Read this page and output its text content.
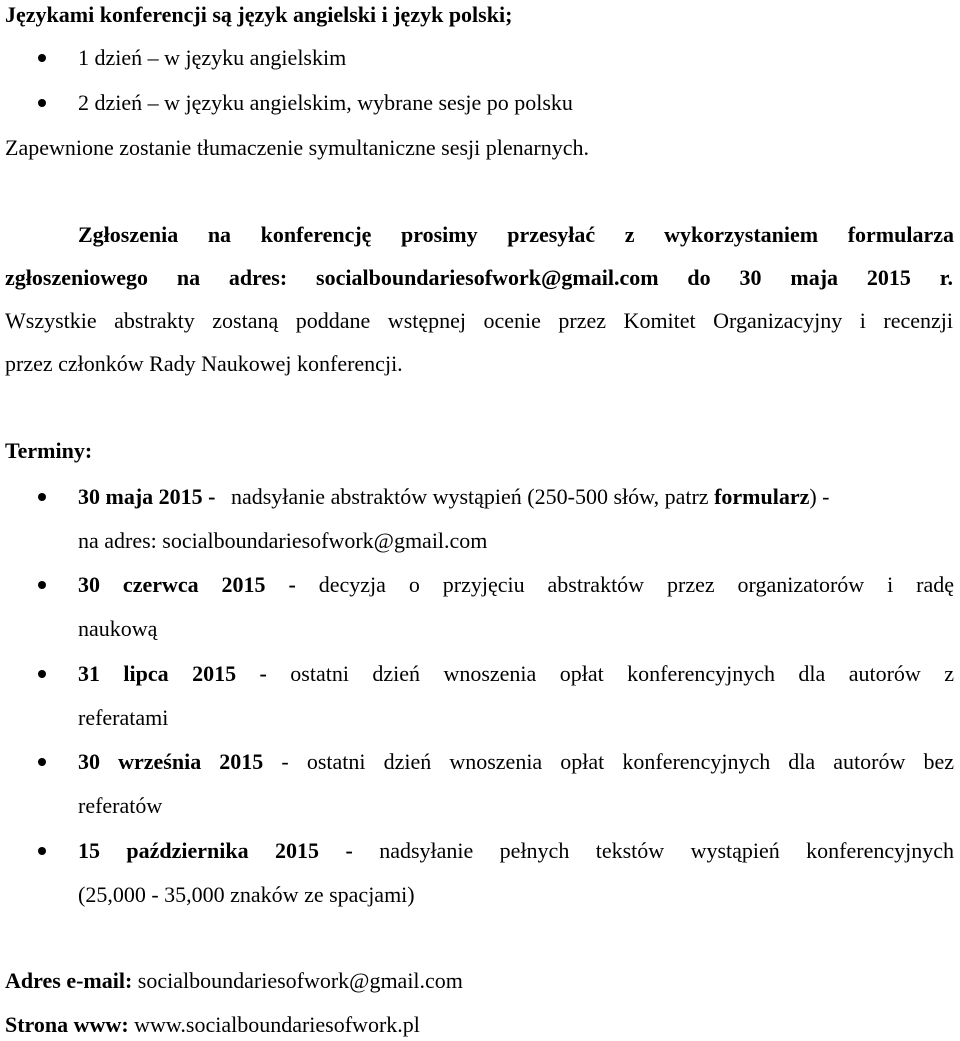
Językami konferencji są język angielski i język polski;
1 dzień – w języku angielskim
2 dzień – w języku angielskim, wybrane sesje po polsku
Zapewnione zostanie tłumaczenie symultaniczne sesji plenarnych.
Zgłoszenia na konferencję prosimy przesyłać z wykorzystaniem formularza
zgłoszeniowego na adres: socialboundariesofwork@gmail.com do 30 maja 2015 r.
Wszystkie abstrakty zostaną poddane wstępnej ocenie przez Komitet Organizacyjny i recenzji
przez członków Rady Naukowej konferencji.
Terminy:
30 maja 2015 - nadsyłanie abstraktów wystąpień (250-500 słów, patrz formularz) -
na adres: socialboundariesofwork@gmail.com
30 czerwca 2015 - decyzja o przyjęciu abstraktów przez organizatorów i radę
naukową
31 lipca 2015 - ostatni dzień wnoszenia opłat konferencyjnych dla autorów z
referatami
30 września 2015 - ostatni dzień wnoszenia opłat konferencyjnych dla autorów bez
referatów
15 października 2015 - nadsyłanie pełnych tekstów wystąpień konferencyjnych
(25,000 - 35,000 znaków ze spacjami)
Adres e-mail: socialboundariesofwork@gmail.com
Strona www: www.socialboundariesofwork.pl
